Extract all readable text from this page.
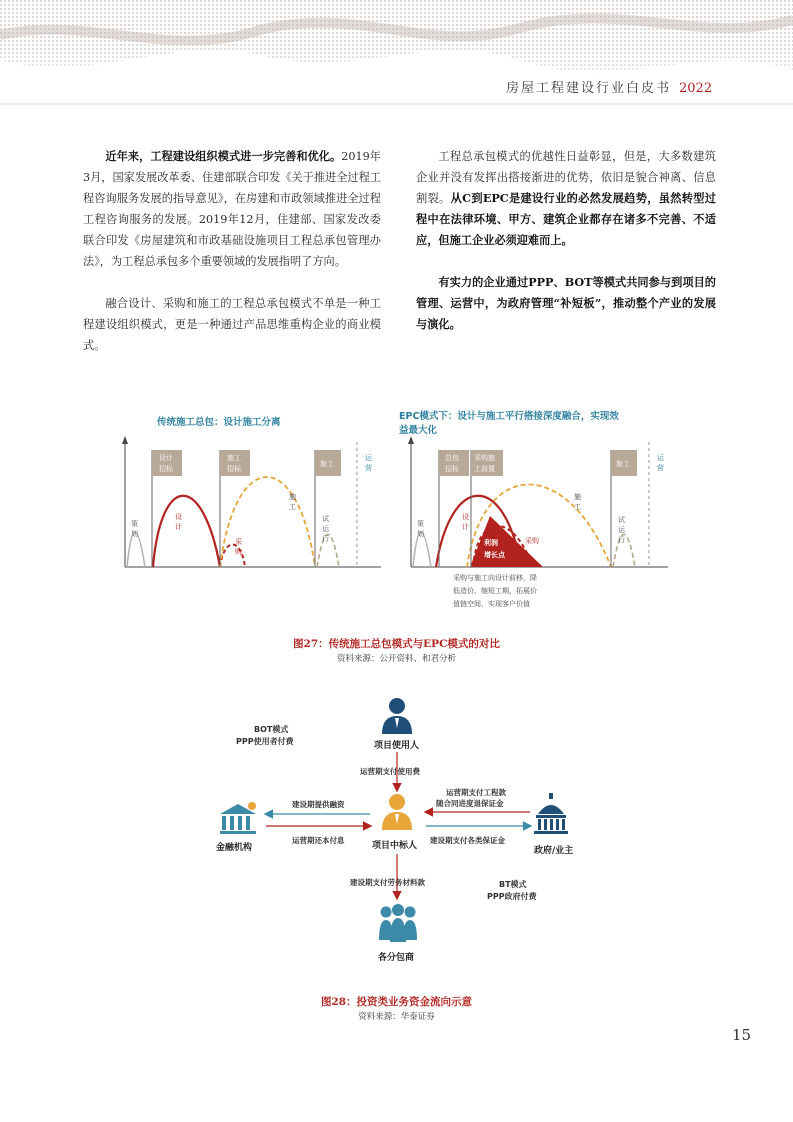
房屋工程建设行业白皮书 2022

近年来，工程建设组织模式进一步完善和优化。2019年3月，国家发展改革委、住建部联合印发《关于推进全过程工程咨询服务发展的指导意见》，在房建和市政领域推进全过程工程咨询服务的发展。2019年12月，住建部、国家发改委联合印发《房屋建筑和市政基础设施项目工程总承包管理办法》，为工程总承包多个重要领域的发展指明了方向。

融合设计、采购和施工的工程总承包模式不单是一种工程建设组织模式，更是一种通过产品思维重构企业的商业模式。

工程总承包模式的优越性日益彰显，但是，大多数建筑企业并没有发挥出搭接渐进的优势，依旧是貌合神离、信息割裂。从C到EPC是建设行业的必然发展趋势，虽然转型过程中在法律环境、甲方、建筑企业都存在诸多不完善、不适应，但施工企业必须迎难而上。

有实力的企业通过PPP、BOT等模式共同参与到项目的管理、运营中，为政府管理“补短板”，推动整个产业的发展与演化。

传统施工总包：设计施工分离
设计招标
施工招标
施工
策划
设计
采购
施工
试运行
运营
EPC模式下：设计与施工平行搭接深度融合，实现效
益最大化
总包招标
采购施工前置
施工
策划
设计
采购
施工
试运行
运营
利润增长点
采购与施工向设计前移，降 低造价，缩短工期，拓展价 值链空间，实现客户价值
图27：传统施工总包模式与EPC模式的对比
资料来源：公开资料、和君分析
BOT模式 PPP使用者付费
BT模式 PPP政府付费
项目使用人
项目中标人
金融机构	政府/业主
各分包商
运营期支付使用费
建设期提供融资
运营期还本付息
运营期支付工程款随合同进度退保证金
建设期支付各类保证金
建设期支付劳务材料款
图28：投资类业务资金流向示意
资料来源：华泰证券
15
